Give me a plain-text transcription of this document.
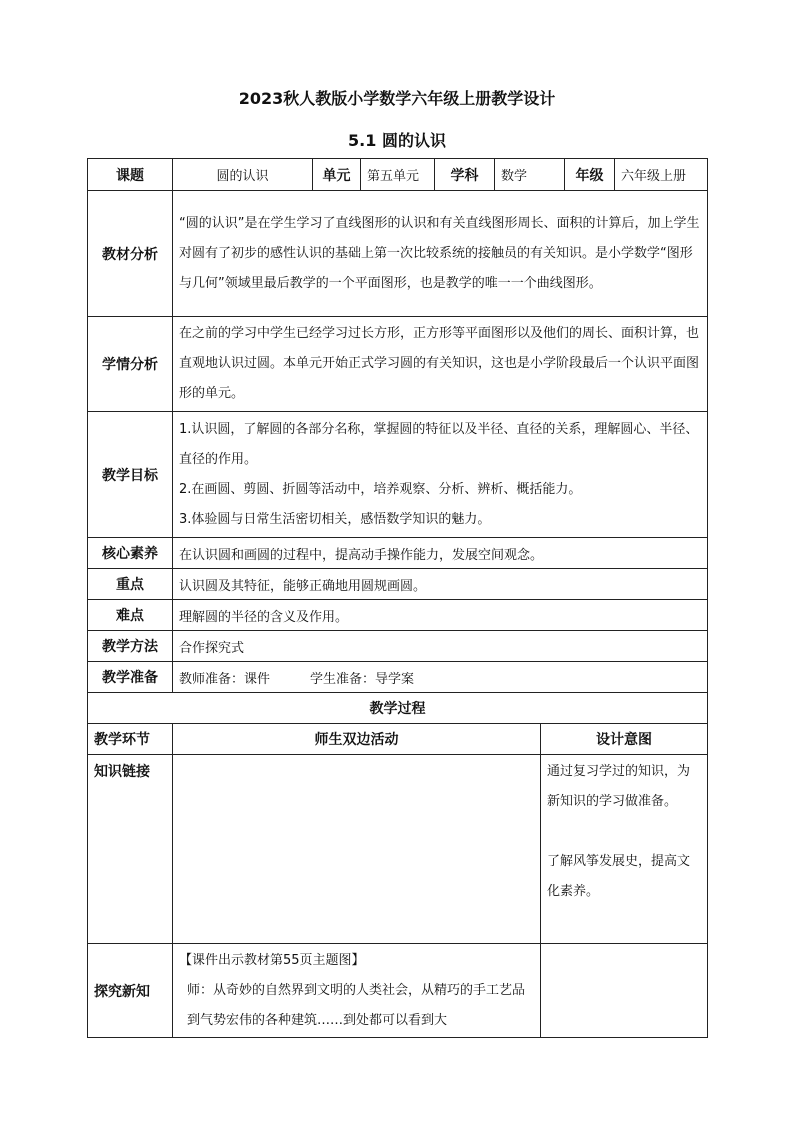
2023秋人教版小学数学六年级上册教学设计
5.1 圆的认识
课题	圆的认识	单元	第五单元	学科	数学		年级	六年级上册
教材分析	“圆的认识”是在学生学习了直线图形的认识和有关直线图形周长、面积的计算后，加上学生对圆有了初步的感性认识的基础上第一次比较系统的接触员的有关知识。是小学数学“图形与几何”领域里最后教学的一个平面图形，也是教学的唯一一个曲线图形。							
学情分析	在之前的学习中学生已经学习过长方形，正方形等平面图形以及他们的周长、面积计算，也直观地认识过圆。本单元开始正式学习圆的有关知识，这也是小学阶段最后一个认识平面图形的单元。							
教学目标	1.认识圆，了解圆的各部分名称，掌握圆的特征以及半径、直径的关系，理解圆心、半径、直径的作用。
2.在画圆、剪圆、折圆等活动中，培养观察、分析、辨析、概括能力。
3.体验圆与日常生活密切相关，感悟数学知识的魅力。							

核心素养	在认识圆和画圆的过程中，提高动手操作能力，发展空间观念。							
重点	认识圆及其特征，能够正确地用圆规画圆。							
难点	理解圆的半径的含义及作用。							
教学方法	合作探究式							
教学准备	教师准备：课件 学生准备：导学案							
教学过程								
教学环节	师生双边活动					设计意图		
知识链接						通过复习学过的知识，为新知识的学习做准备。
了解风筝发展史，提高文化素养。		

探究新知	【课件出示教材第55页主题图】
师：从奇妙的自然界到文明的人类社会，从精巧的手工艺品到气势宏伟的各种建筑……到处都可以看到大							
